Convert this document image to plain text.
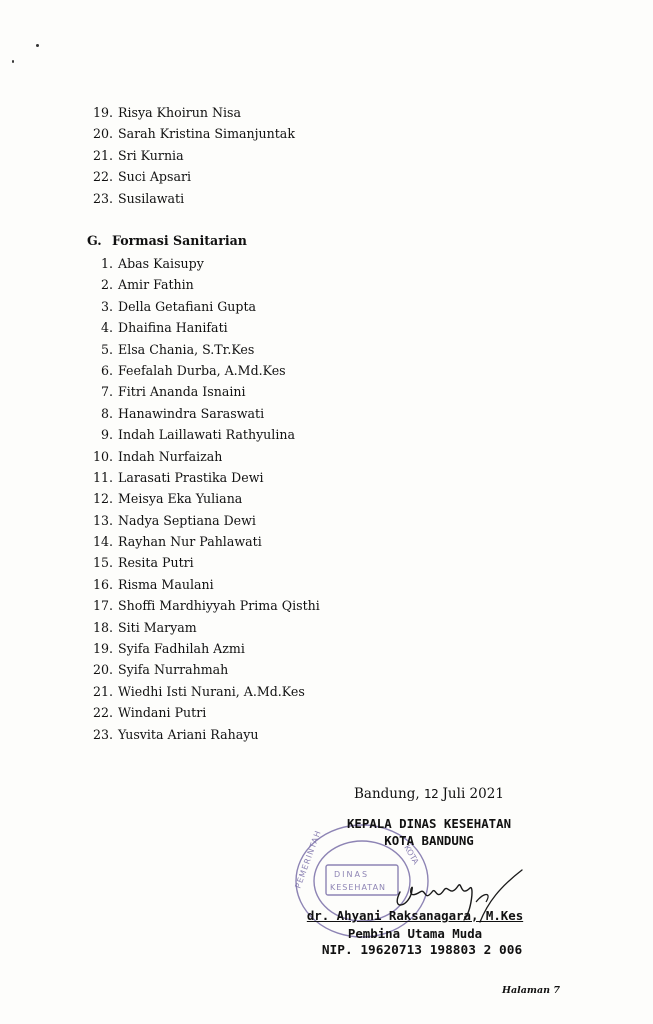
19. Risya Khoirun Nisa
20. Sarah Kristina Simanjuntak
21. Sri Kurnia
22. Suci Apsari
23. Susilawati
G. Formasi Sanitarian
1. Abas Kaisupy
2. Amir Fathin
3. Della Getafiani Gupta
4. Dhaifina Hanifati
5. Elsa Chania, S.Tr.Kes
6. Feefalah Durba, A.Md.Kes
7. Fitri Ananda Isnaini
8. Hanawindra Saraswati
9. Indah Laillawati Rathyulina
10. Indah Nurfaizah
11. Larasati Prastika Dewi
12. Meisya Eka Yuliana
13. Nadya Septiana Dewi
14. Rayhan Nur Pahlawati
15. Resita Putri
16. Risma Maulani
17. Shoffi Mardhiyyah Prima Qisthi
18. Siti Maryam
19. Syifa Fadhilah Azmi
20. Syifa Nurrahmah
21. Wiedhi Isti Nurani, A.Md.Kes
22. Windani Putri
23. Yusvita Ariani Rahayu
Bandung, 12 Juli 2021
DINAS
KESEHATAN
PEMERINTAH	KOTA
KEPALA DINAS KESEHATAN
KOTA BANDUNG
dr. Ahyani Raksanagara, M.Kes
Pembina Utama Muda
NIP. 19620713 198803 2 006
Halaman 7
